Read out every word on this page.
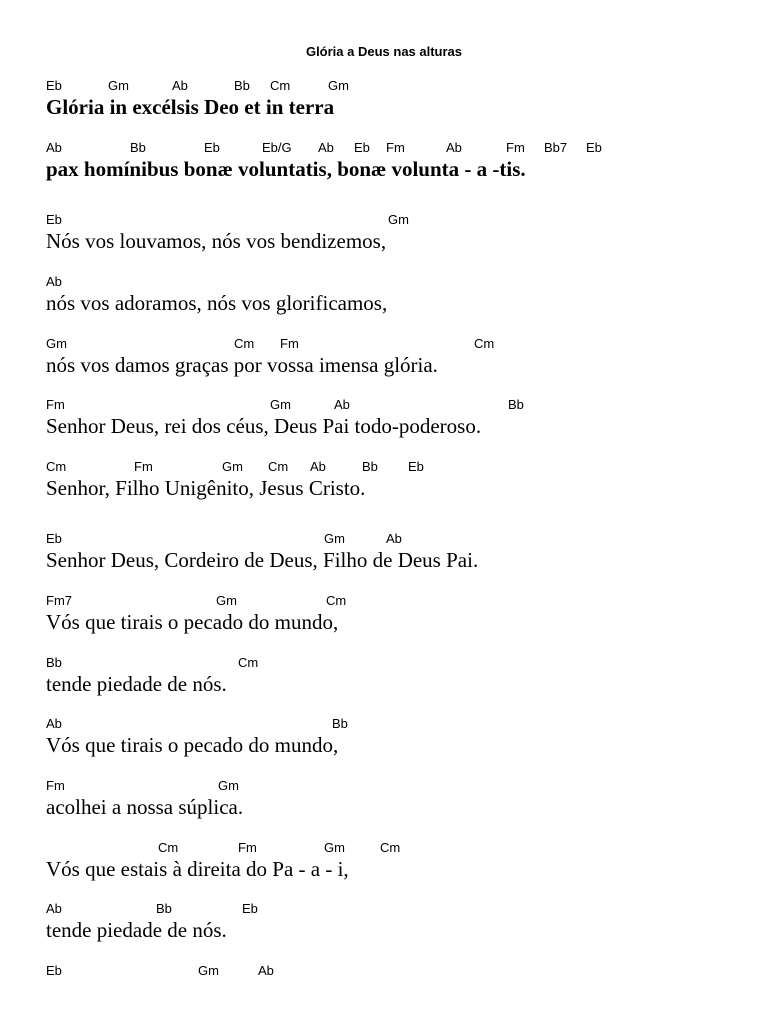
Glória a Deus nas alturas
Eb	Gm	Ab	Bb Cm	Gm
Glória in excélsis Deo et in terra
Ab	Bb	Eb	Eb/G Ab Eb Fm	Ab	Fm Bb7 Eb
pax homínibus bonæ voluntatis, bonæ volunta - a -tis.
Eb	Gm
Nós vos louvamos, nós vos bendizemos,
Ab
nós vos adoramos, nós vos glorificamos,
Gm	Cm Fm	Cm
nós vos damos graças por vossa imensa glória.
Fm	Gm	Ab	Bb
Senhor Deus, rei dos céus, Deus Pai todo-poderoso.
Cm	Fm	Gm Cm Ab	Bb Eb
Senhor, Filho Unigênito, Jesus Cristo.
Eb	Gm	Ab
Senhor Deus, Cordeiro de Deus, Filho de Deus Pai.
Fm7	Gm	Cm
Vós que tirais o pecado do mundo,
Bb	Cm
tende piedade de nós.
Ab	Bb
Vós que tirais o pecado do mundo,
Fm	Gm
acolhei a nossa súplica.
Cm	Fm	Gm	Cm
Vós que estais à direita do Pa - a - i,
Ab	Bb	Eb
tende piedade de nós.
Eb	Gm	Ab
